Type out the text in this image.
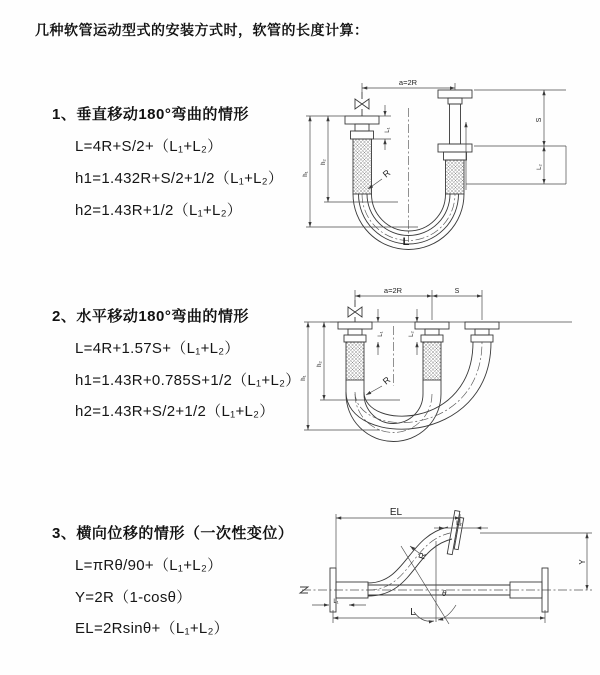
几种软管运动型式的安装方式时，软管的长度计算：
1、垂直移动180°弯曲的情形
L=4R+S/2+（L₁+L₂）
h1=1.432R+S/2+1/2（L₁+L₂）
h2=1.43R+1/2（L₁+L₂）
2、水平移动180°弯曲的情形
L=4R+1.57S+（L₁+L₂）
h1=1.43R+0.785S+1/2（L₁+L₂）
h2=1.43R+S/2+1/2（L₁+L₂）
3、横向位移的情形（一次性变位）
L=πRθ/90+（L₁+L₂）
Y=2R（1-cosθ）
EL=2Rsinθ+（L₁+L₂）
a=2R
L₁
S
L₂
h₁
h₂
R
L
a=2R	S
L₁	L₂
h₁
h₂
R
EL
L₂
Y
L
L₁
R
θ
